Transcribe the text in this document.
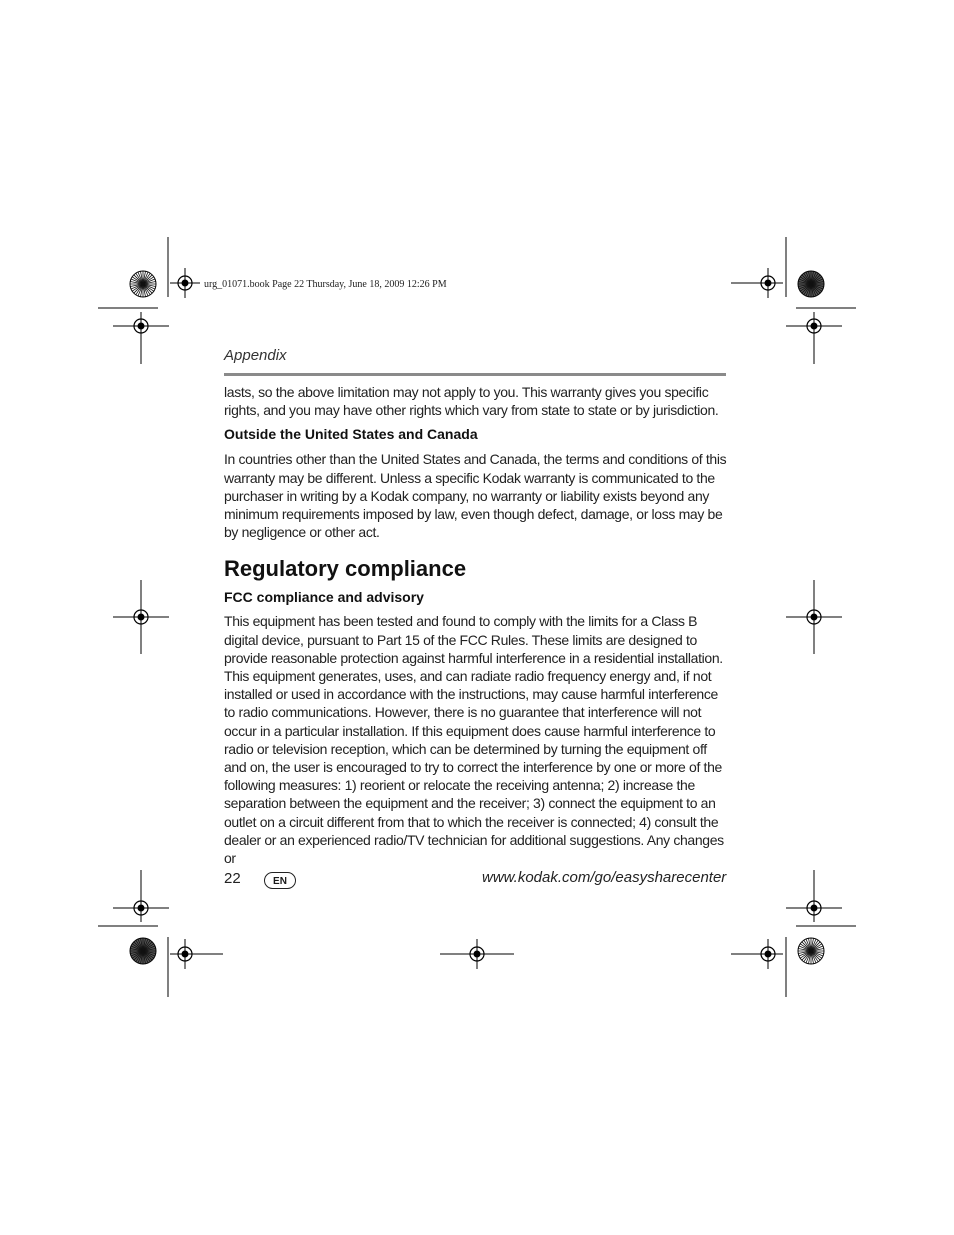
urg_01071.book Page 22 Thursday, June 18, 2009 12:26 PM
Appendix

lasts, so the above limitation may not apply to you. This warranty gives you specific rights, and you may have other rights which vary from state to state or by jurisdiction.

Outside the United States and Canada

In countries other than the United States and Canada, the terms and conditions of this warranty may be different. Unless a specific Kodak warranty is communicated to the purchaser in writing by a Kodak company, no warranty or liability exists beyond any minimum requirements imposed by law, even though defect, damage, or loss may be by negligence or other act.

Regulatory compliance
FCC compliance and advisory

This equipment has been tested and found to comply with the limits for a Class B digital device, pursuant to Part 15 of the FCC Rules. These limits are designed to provide reasonable protection against harmful interference in a residential installation. This equipment generates, uses, and can radiate radio frequency energy and, if not installed or used in accordance with the instructions, may cause harmful interference to radio communications. However, there is no guarantee that interference will not occur in a particular installation. If this equipment does cause harmful interference to radio or television reception, which can be determined by turning the equipment off and on, the user is encouraged to try to correct the interference by one or more of the following measures: 1) reorient or relocate the receiving antenna; 2) increase the separation between the equipment and the receiver; 3) connect the equipment to an outlet on a circuit different from that to which the receiver is connected; 4) consult the dealer or an experienced radio/TV technician for additional suggestions. Any changes or

22	EN	www.kodak.com/go/easysharecenter
